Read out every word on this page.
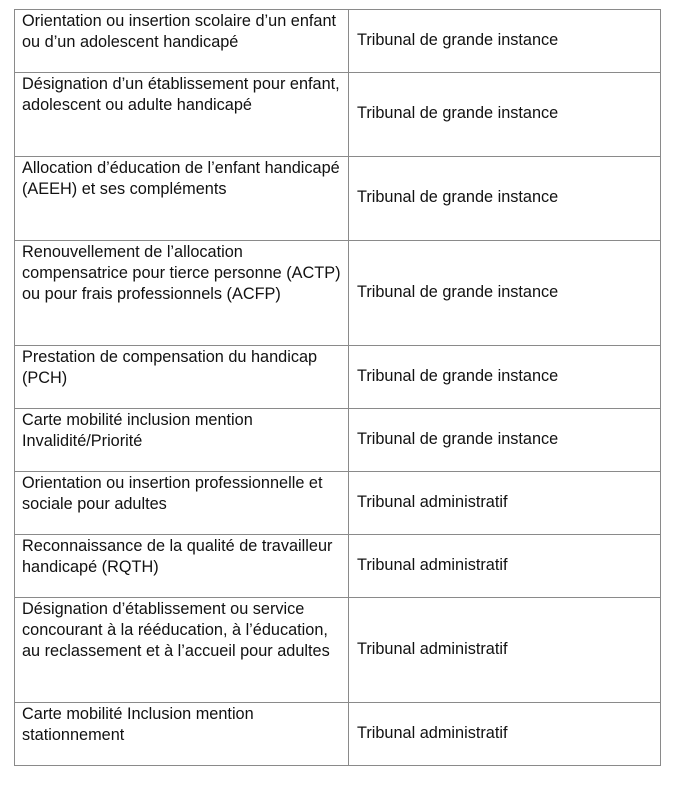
Orientation ou insertion scolaire d’un enfant ou d’un adolescent handicapé	Tribunal de grande instance

Désignation d’un établissement pour enfant, adolescent ou adulte handicapé	Tribunal de grande instance

Allocation d’éducation de l’enfant handicapé (AEEH) et ses compléments	Tribunal de grande instance

Renouvellement de l’allocation compensatrice pour tierce personne (ACTP) ou pour frais professionnels (ACFP)	Tribunal de grande instance

Prestation de compensation du handicap (PCH)	Tribunal de grande instance

Carte mobilité inclusion mention Invalidité/Priorité	Tribunal de grande instance

Orientation ou insertion professionnelle et sociale pour adultes	Tribunal administratif

Reconnaissance de la qualité de travailleur handicapé (RQTH)	Tribunal administratif

Désignation d’établissement ou service concourant à la rééducation, à l’éducation, au reclassement et à l’accueil pour adultes	Tribunal administratif

Carte mobilité Inclusion mention stationnement	Tribunal administratif
